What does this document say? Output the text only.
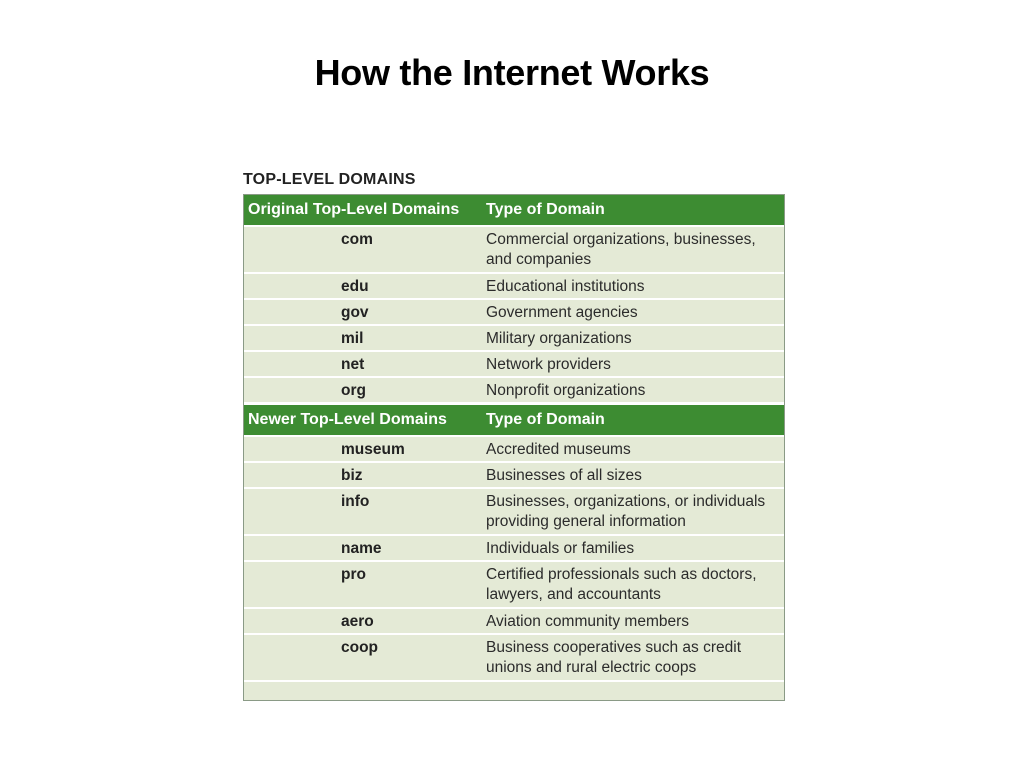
How the Internet Works
TOP-LEVEL DOMAINS
Original Top-Level Domains	Type of Domain
com	Commercial organizations, businesses, and companies
edu	Educational institutions
gov	Government agencies
mil	Military organizations
net	Network providers
org	Nonprofit organizations
Newer Top-Level Domains	Type of Domain
museum	Accredited museums
biz	Businesses of all sizes
info	Businesses, organizations, or individuals providing general information
name	Individuals or families
pro	Certified professionals such as doctors, lawyers, and accountants
aero	Aviation community members
coop	Business cooperatives such as credit unions and rural electric coops
